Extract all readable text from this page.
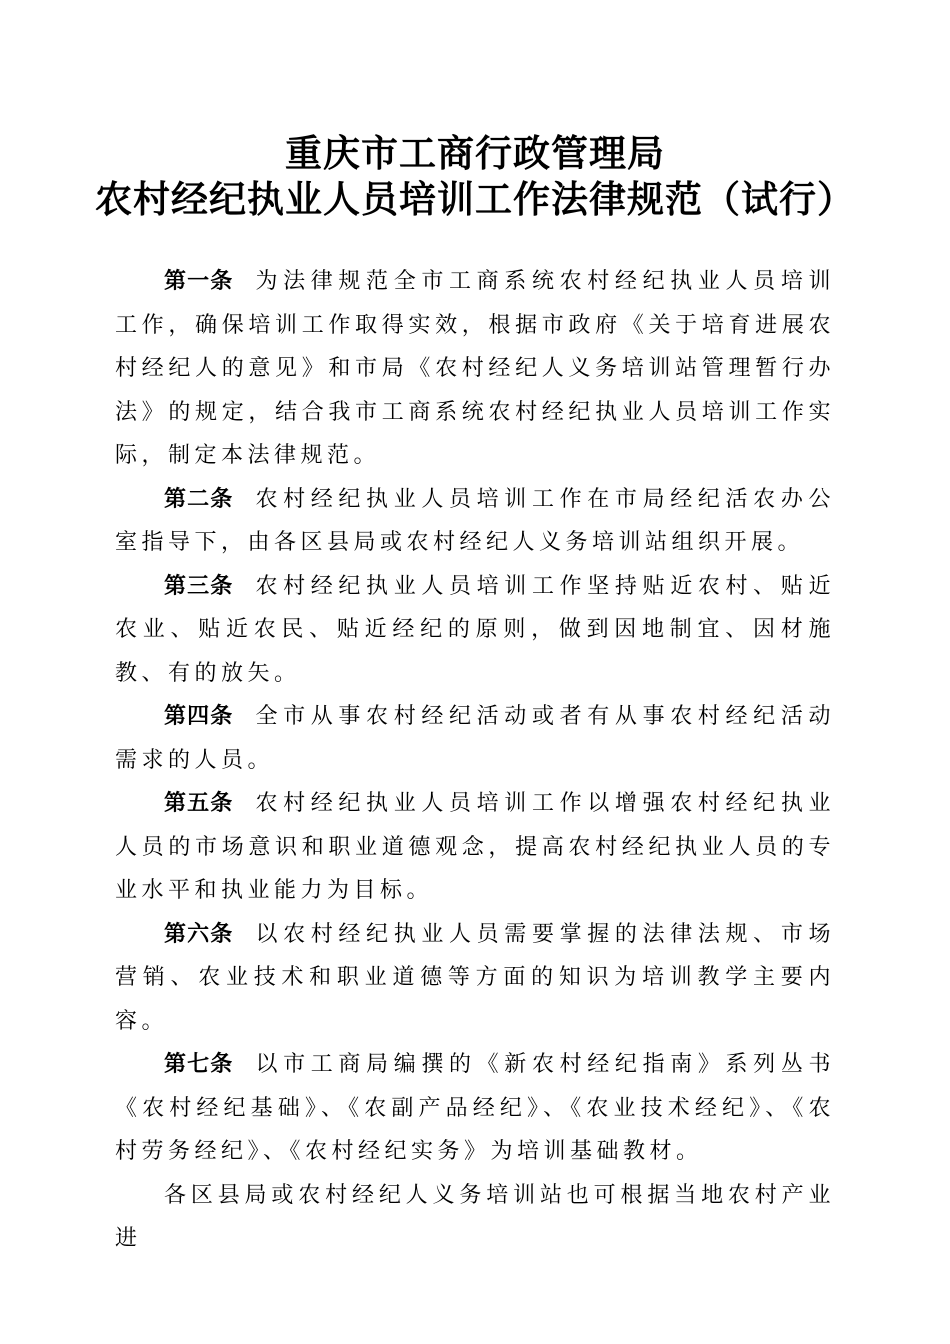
重庆市工商行政管理局

农村经纪执业人员培训工作法律规范（试行）

第一条 为法律规范全市工商系统农村经纪执业人员培训工作，确保培训工作取得实效，根据市政府《关于培育进展农村经纪人的意见》和市局《农村经纪人义务培训站管理暂行办法》的规定，结合我市工商系统农村经纪执业人员培训工作实际，制定本法律规范。

第二条 农村经纪执业人员培训工作在市局经纪活农办公室指导下，由各区县局或农村经纪人义务培训站组织开展。

第三条 农村经纪执业人员培训工作坚持贴近农村、贴近农业、贴近农民、贴近经纪的原则，做到因地制宜、因材施教、有的放矢。

第四条 全市从事农村经纪活动或者有从事农村经纪活动需求的人员。

第五条 农村经纪执业人员培训工作以增强农村经纪执业人员的市场意识和职业道德观念，提高农村经纪执业人员的专业水平和执业能力为目标。

第六条 以农村经纪执业人员需要掌握的法律法规、市场营销、农业技术和职业道德等方面的知识为培训教学主要内容。

第七条 以市工商局编撰的《新农村经纪指南》系列丛书《农村经纪基础》、《农副产品经纪》、《农业技术经纪》、《农村劳务经纪》、《农村经纪实务》为培训基础教材。

各区县局或农村经纪人义务培训站也可根据当地农村产业进
